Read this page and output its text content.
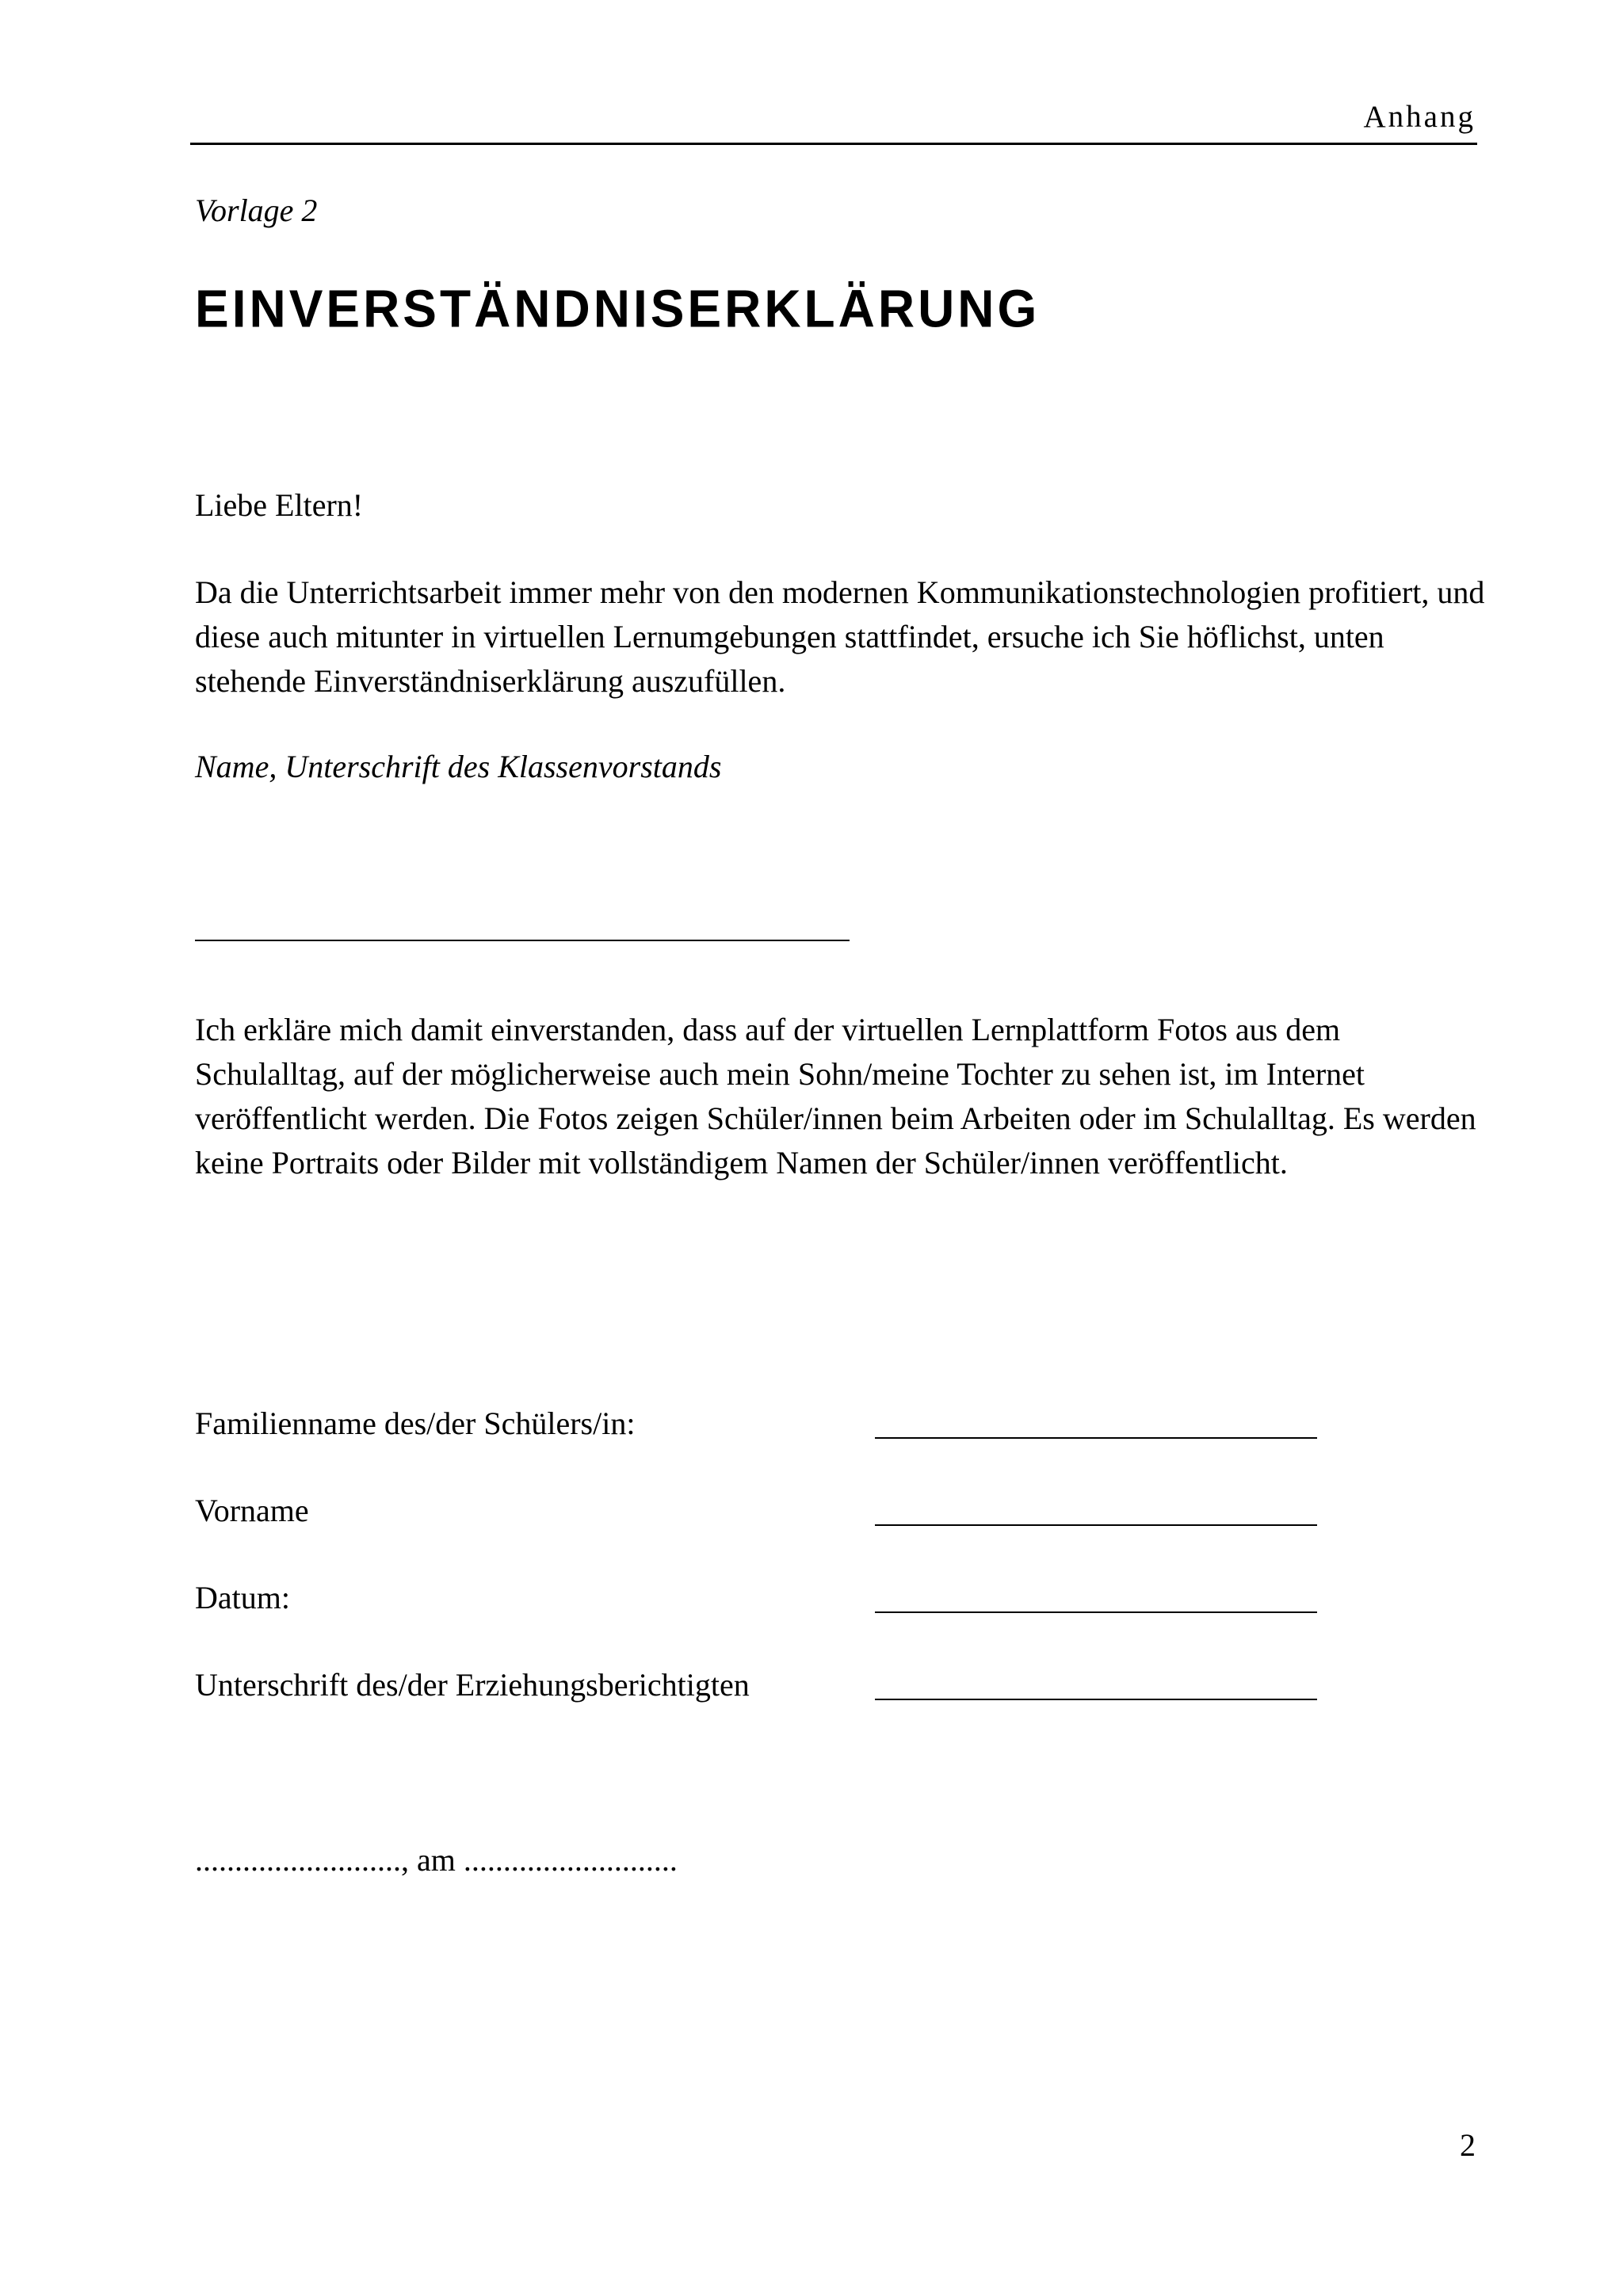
Anhang
Vorlage 2
EINVERSTÄNDNISERKLÄRUNG
Liebe Eltern!
Da die Unterrichtsarbeit immer mehr von den modernen Kommunikationstechnologien profitiert, und diese auch mitunter in virtuellen Lernumgebungen stattfindet, ersuche ich Sie höflichst, unten stehende Einverständniserklärung auszufüllen.
Name, Unterschrift des Klassenvorstands
Ich erkläre mich damit einverstanden, dass auf der virtuellen Lernplattform Fotos aus dem Schulalltag, auf der möglicherweise auch mein Sohn/meine Tochter zu sehen ist, im Internet veröffentlicht werden. Die Fotos zeigen Schüler/innen beim Arbeiten oder im Schulalltag. Es werden keine Portraits oder Bilder mit vollständigem Namen der Schüler/innen veröffentlicht.
Familienname des/der Schülers/in:
Vorname
Datum:
Unterschrift des/der Erziehungsberichtigten
.........................., am ...........................
2
